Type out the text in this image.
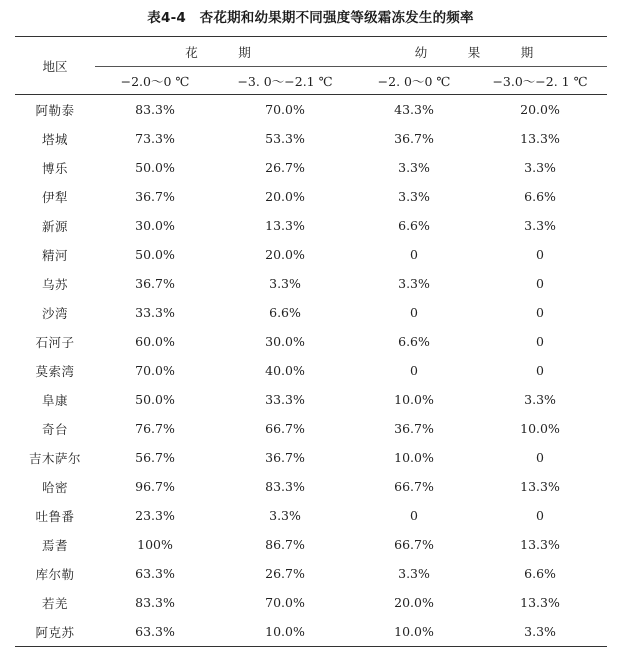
表4-4　杏花期和幼果期不同强度等级霜冻发生的频率
地区	花　期		幼　果　期	
	−2.0～0 ℃	−3. 0～−2.1 ℃	−2. 0～0 ℃	−3.0～−2. 1 ℃
阿勒泰	83.3%	70.0%	43.3%	20.0%
塔城	73.3%	53.3%	36.7%	13.3%
博乐	50.0%	26.7%	3.3%	3.3%
伊犁	36.7%	20.0%	3.3%	6.6%
新源	30.0%	13.3%	6.6%	3.3%
精河	50.0%	20.0%	0	0
乌苏	36.7%	3.3%	3.3%	0
沙湾	33.3%	6.6%	0	0
石河子	60.0%	30.0%	6.6%	0
莫索湾	70.0%	40.0%	0	0
阜康	50.0%	33.3%	10.0%	3.3%
奇台	76.7%	66.7%	36.7%	10.0%
吉木萨尔	56.7%	36.7%	10.0%	0
哈密	96.7%	83.3%	66.7%	13.3%
吐鲁番	23.3%	3.3%	0	0
焉耆	100%	86.7%	66.7%	13.3%
库尔勒	63.3%	26.7%	3.3%	6.6%
若羌	83.3%	70.0%	20.0%	13.3%
阿克苏	63.3%	10.0%	10.0%	3.3%
